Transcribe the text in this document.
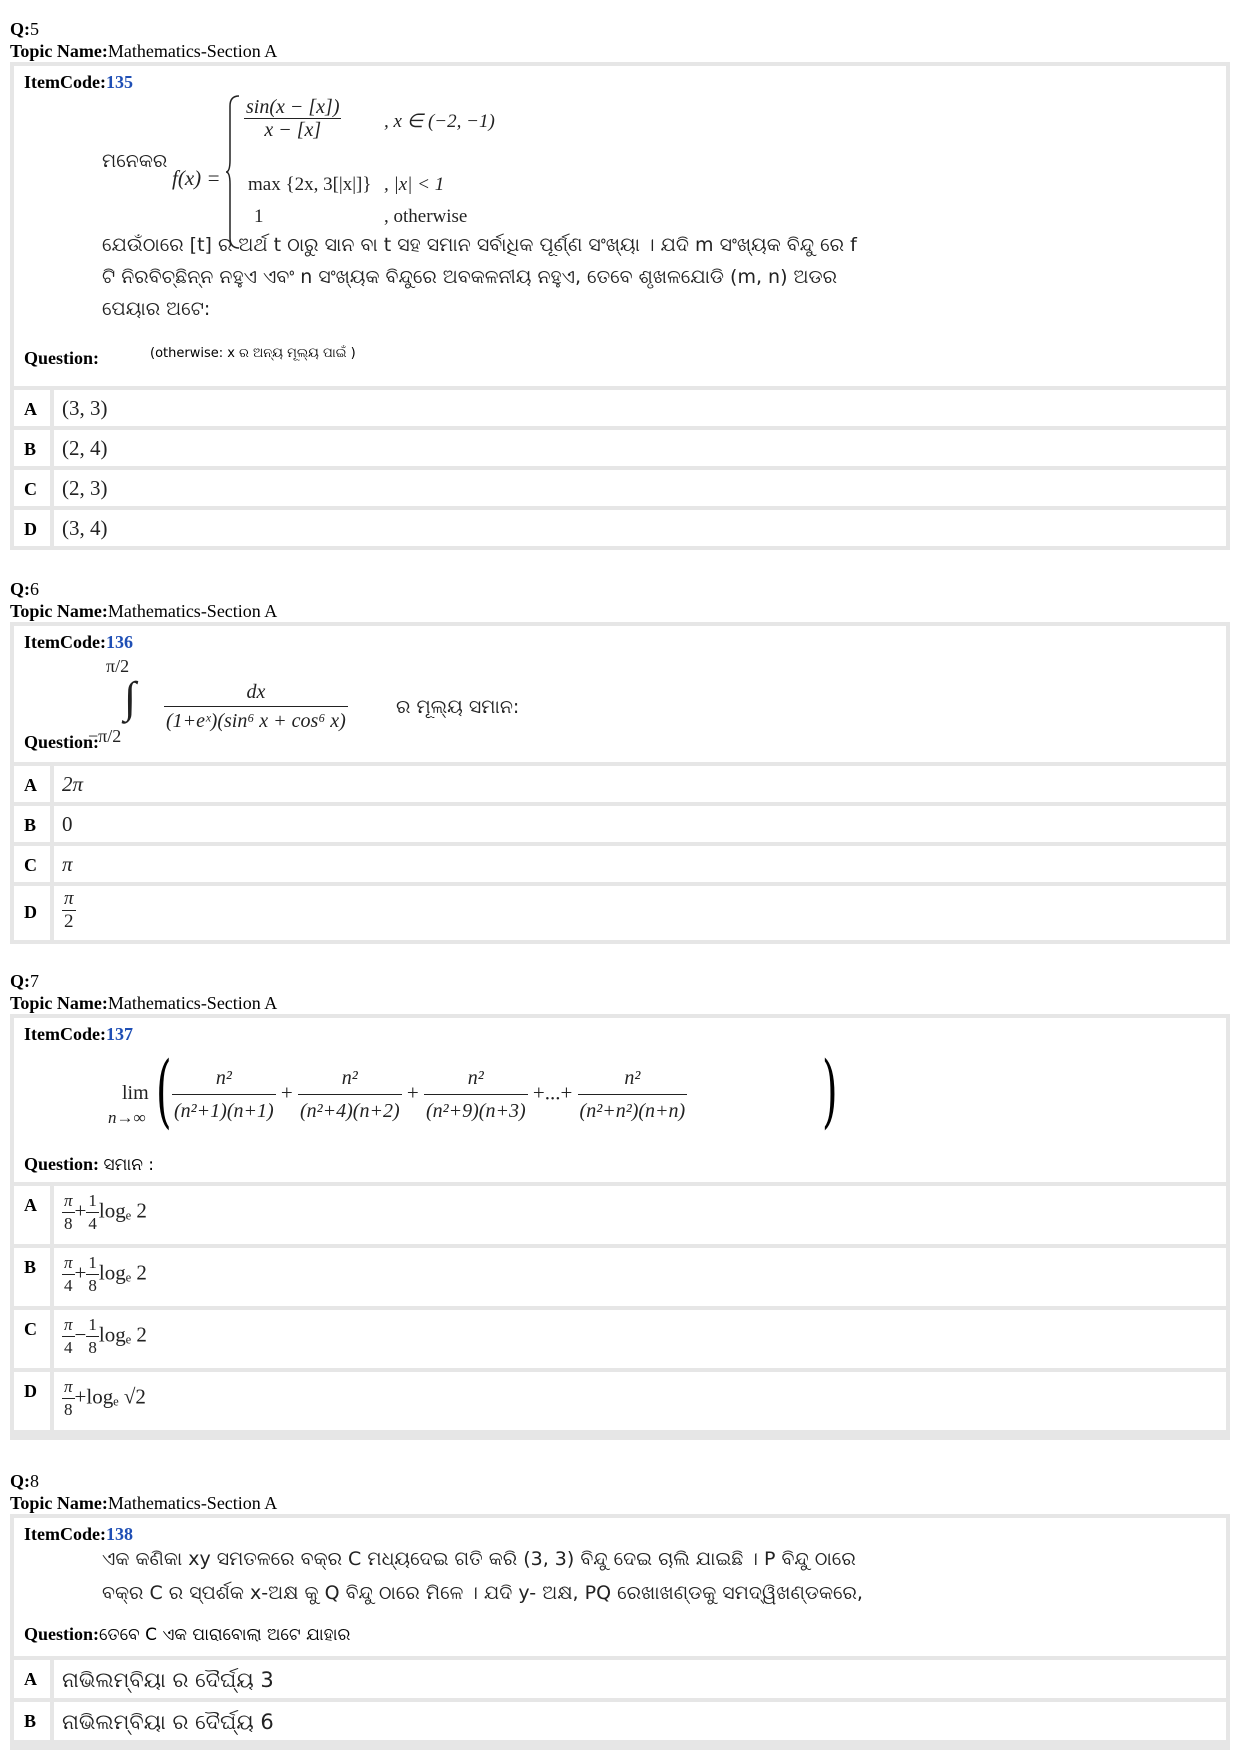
Q:5
Topic Name:Mathematics-Section A
ItemCode:135
ମନେକର
f(x) =
$\frac{\sin(x - [x])}{x - [x]}$ , x ∈ (−2, −1)
max {2x, 3[|x|]} , |x| < 1
1	, otherwise
ଯେଉଁଠାରେ [t] ର ଅର୍ଥ t ଠାରୁ ସାନ ବା t ସହ ସମାନ ସର୍ବାଧିକ ପୂର୍ଣ୍ଣ ସଂଖ୍ୟା । ଯଦି m ସଂଖ୍ୟକ ବିନ୍ଦୁ ରେ f
ଟି ନିରବିଚ୍ଛିନ୍ନ ନହୁଏ ଏବଂ n ସଂଖ୍ୟକ ବିନ୍ଦୁରେ ଅବକଳନୀୟ ନହୁଏ, ତେବେ ଶୃଖଳଯୋଡି (m, n) ଅଡର
ପେୟାର ଅଟେ:
Question:	(otherwise: x ର ଅନ୍ୟ ମୂଲ୍ୟ ପାଇଁ )
A (3, 3)
B (2, 4)
C (2, 3)
D (3, 4)
Q:6
Topic Name:Mathematics-Section A
ItemCode:136
π/2
∫
−π/2
$\frac{dx}{\text{(1+eˣ)(sin⁶ x + cos⁶ x)}}$	ର ମୂଲ୍ୟ ସମାନ:
Question:
A 2π
B 0
C π
D $\frac{\pi}{2}$
Q:7
Topic Name:Mathematics-Section A
ItemCode:137
lim
n→∞ ( $\frac{\text{n²}}{\text{(n²+1)(n+1)}} + \frac{\text{n²}}{\text{(n²+4)(n+2)}} + \frac{\text{n²}}{\text{(n²+9)(n+3)}}$ +...+ $\frac{\text{n²}}{\text{(n²+n²)(n+n)}}$ )
Question: ସମାନ :
A $\frac{\pi}{8} + \frac{1}{4}$ logₑ 2
B $\frac{\pi}{4} + \frac{1}{8}$ logₑ 2
C $\frac{\pi}{4} - \frac{1}{8}$ logₑ 2
D $\frac{\pi}{8} +\log_e$ √2
Q:8
Topic Name:Mathematics-Section A
ItemCode:138
ଏକ କଣିକା xy ସମତଳରେ ବକ୍ର C ମଧ୍ୟଦେଇ ଗତି କରି (3, 3) ବିନ୍ଦୁ ଦେଇ ଚାଲି ଯାଇଛି । P ବିନ୍ଦୁ ଠାରେ
ବକ୍ର C ର ସ୍ପର୍ଶକ x-ଅକ୍ଷ କୁ Q ବିନ୍ଦୁ ଠାରେ ମିଳେ । ଯଦି y- ଅକ୍ଷ, PQ ରେଖାଖଣ୍ଡକୁ ସମଦ୍ୱିଖଣ୍ଡକରେ,
Question:ତେବେ C ଏକ ପାରାବୋଲା ଅଟେ ଯାହାର
A ନାଭିଲମ୍ବିୟା ର ଦୈର୍ଘ୍ୟ 3
B ନାଭିଲମ୍ବିୟା ର ଦୈର୍ଘ୍ୟ 6
